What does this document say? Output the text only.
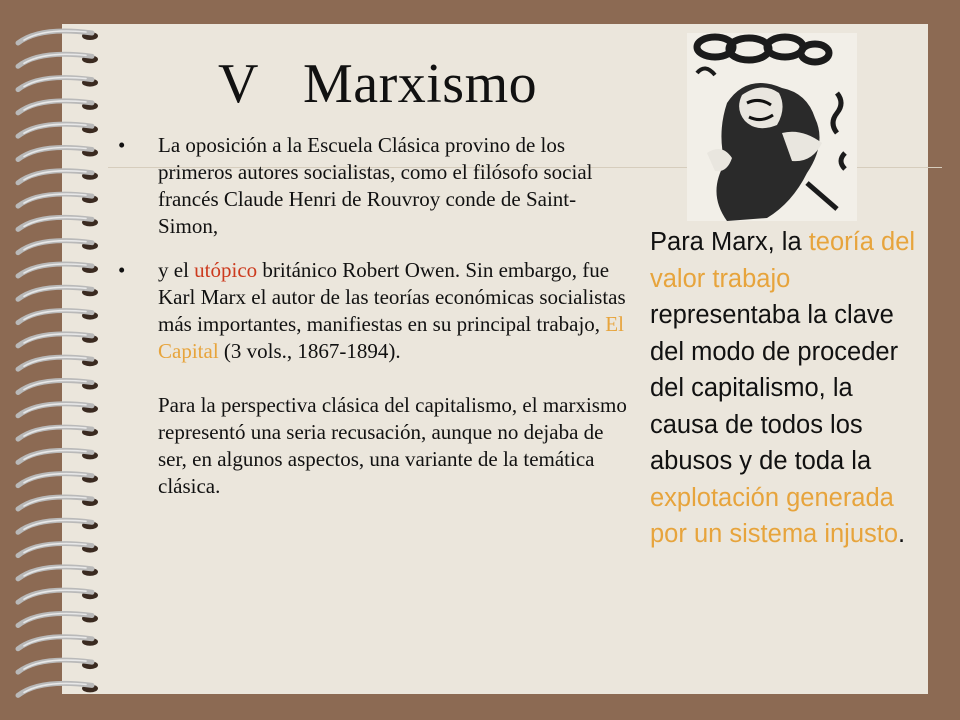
V Marxismo
• La oposición a la Escuela Clásica provino de los primeros autores socialistas, como el filósofo social francés Claude Henri de Rouvroy conde de Saint-Simon,
• y el utópico británico Robert Owen. Sin embargo, fue Karl Marx el autor de las teorías económicas socialistas más importantes, manifiestas en su principal trabajo, El Capital (3 vols., 1867-1894).
Para la perspectiva clásica del capitalismo, el marxismo representó una seria recusación, aunque no dejaba de ser, en algunos aspectos, una variante de la temática clásica.

Para Marx, la teoría del valor trabajo representaba la clave del modo de proceder del capitalismo, la causa de todos los abusos y de toda la explotación generada por un sistema injusto.
